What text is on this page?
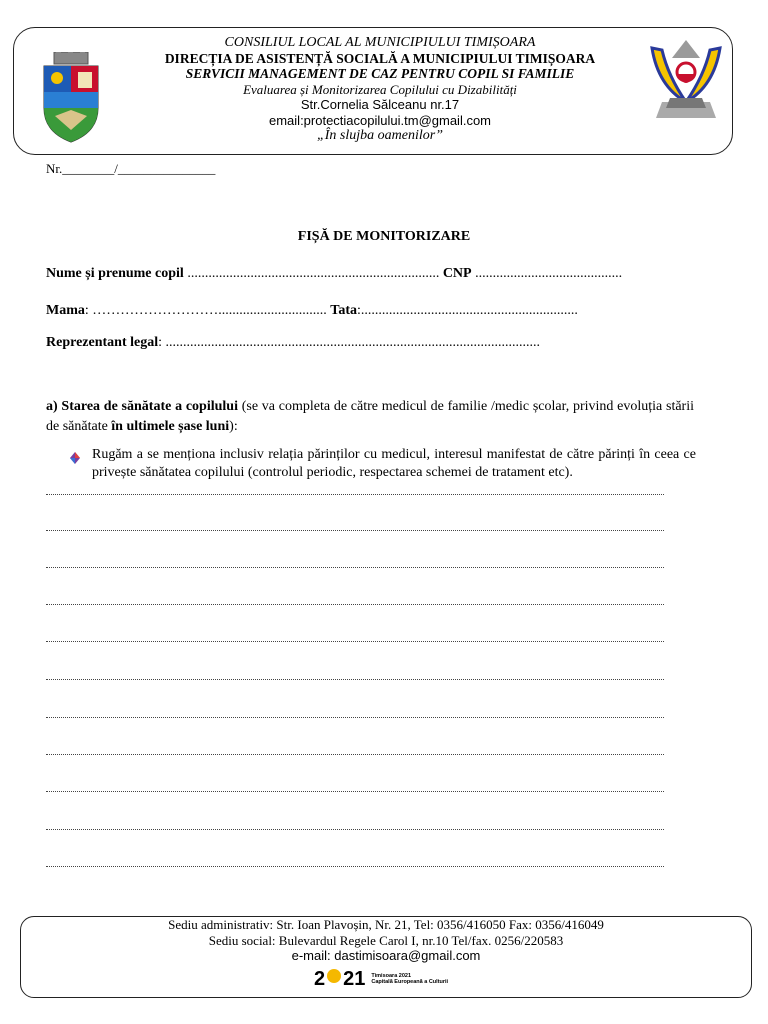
CONSILIUL LOCAL AL MUNICIPIULUI TIMIȘOARA
DIRECȚIA DE ASISTENȚĂ SOCIALĂ A MUNICIPIULUI TIMIȘOARA
SERVICII MANAGEMENT DE CAZ PENTRU COPIL SI FAMILIE
Evaluarea și Monitorizarea Copilului cu Dizabilități
Str.Cornelia Sălceanu nr.17
email:protectiacopilului.tm@gmail.com
„În slujba oamenilor”
Nr.________/_______________
FIȘĂ DE MONITORIZARE
Nume și prenume copil ........................................................................ CNP ..........................................
Mama: ………………………............................... Tata:..............................................................
Reprezentant legal: ...........................................................................................................
a) Starea de sănătate a copilului (se va completa de către medicul de familie /medic școlar, privind evoluția stării de sănătate în ultimele șase luni):
Rugăm a se menționa inclusiv relația părinților cu medicul, interesul manifestat de către părinți în ceea ce privește sănătatea copilului (controlul periodic, respectarea schemei de tratament etc).
Sediu administrativ: Str. Ioan Plavoșin, Nr. 21, Tel: 0356/416050 Fax: 0356/416049
Sediu social: Bulevardul Regele Carol I, nr.10 Tel/fax. 0256/220583
e-mail: dastimisoara@gmail.com
2 21 Timisoara 2021
Capitală Europeană a Culturii
